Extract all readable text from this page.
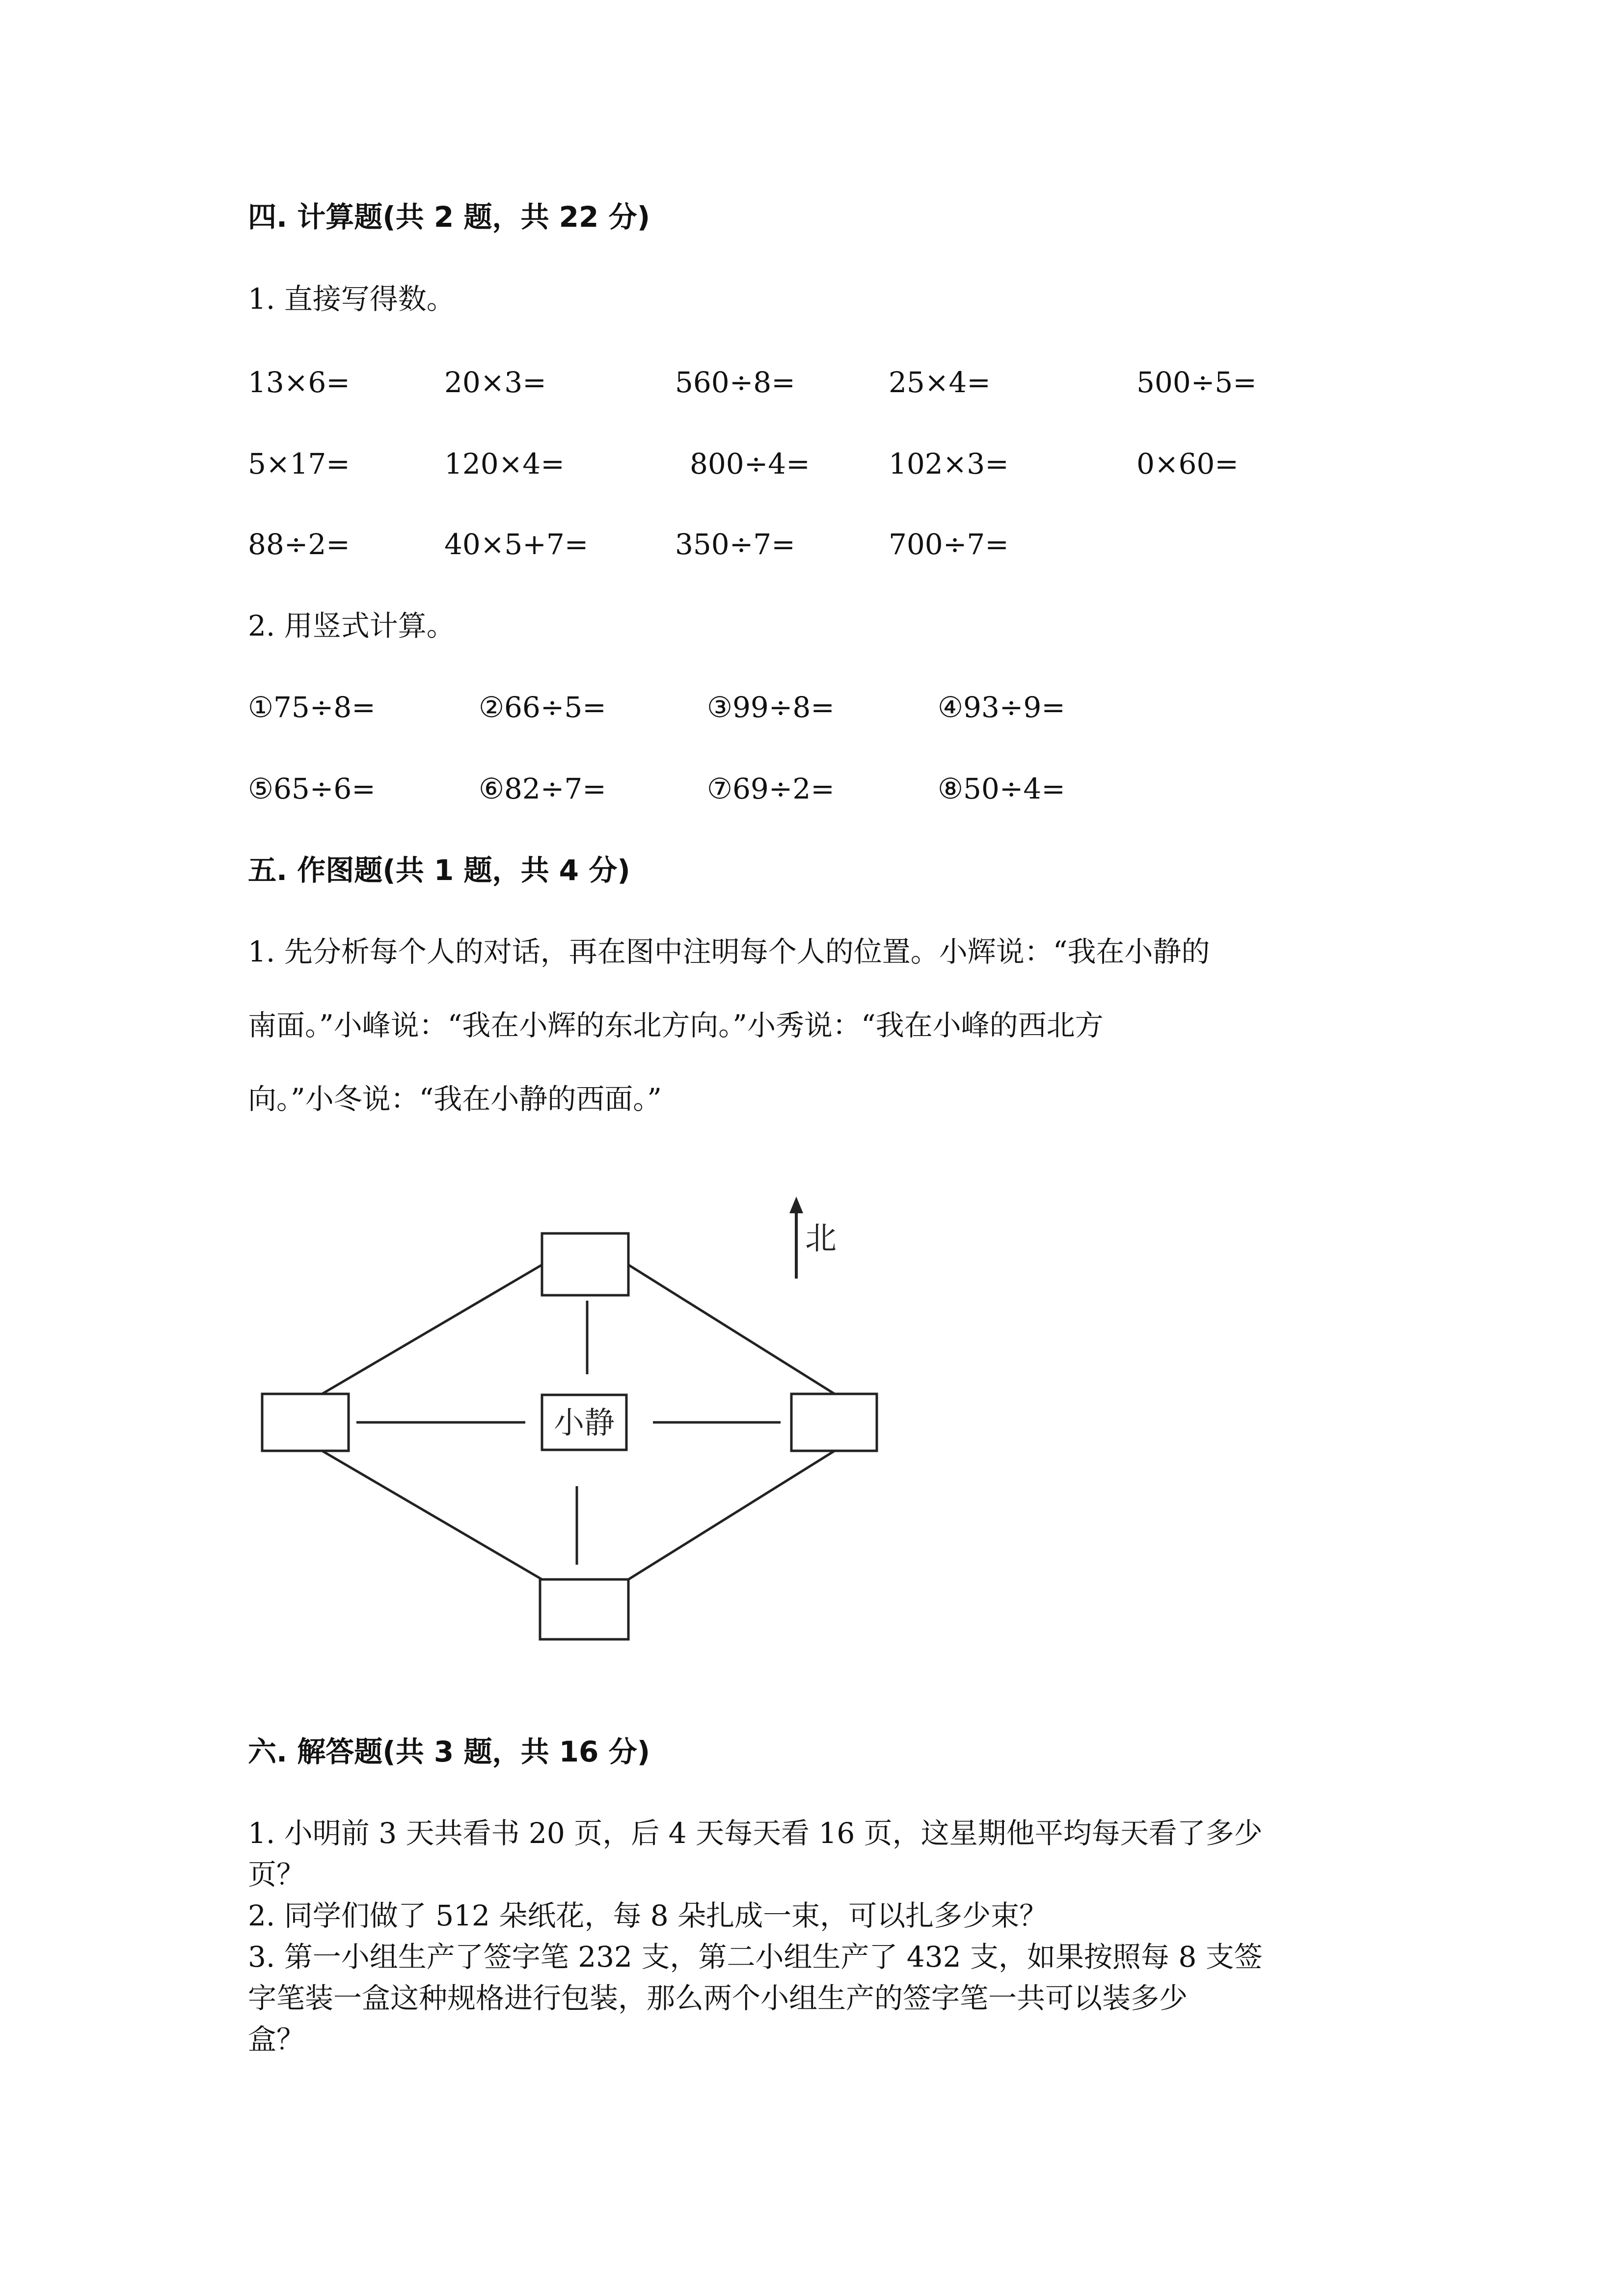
四. 计算题(共 2 题，共 22 分)
1. 直接写得数。
13×6=	20×3=	560÷8=	25×4=	500÷5=
5×17=	120×4=	800÷4=	102×3=	0×60=
88÷2=	40×5+7=	350÷7=	700÷7=
2. 用竖式计算。
①75÷8=	②66÷5=	③99÷8=	④93÷9=
⑤65÷6=	⑥82÷7=	⑦69÷2=	⑧50÷4=
五. 作图题(共 1 题，共 4 分)
1. 先分析每个人的对话，再在图中注明每个人的位置。小辉说：“我在小静的
南面。”小峰说：“我在小辉的东北方向。”小秀说：“我在小峰的西北方
向。”小冬说：“我在小静的西面。”
小静
北
六. 解答题(共 3 题，共 16 分)
1. 小明前 3 天共看书 20 页，后 4 天每天看 16 页，这星期他平均每天看了多少
页？
2. 同学们做了 512 朵纸花，每 8 朵扎成一束，可以扎多少束？
3. 第一小组生产了签字笔 232 支，第二小组生产了 432 支，如果按照每 8 支签
字笔装一盒这种规格进行包装，那么两个小组生产的签字笔一共可以装多少
盒？
